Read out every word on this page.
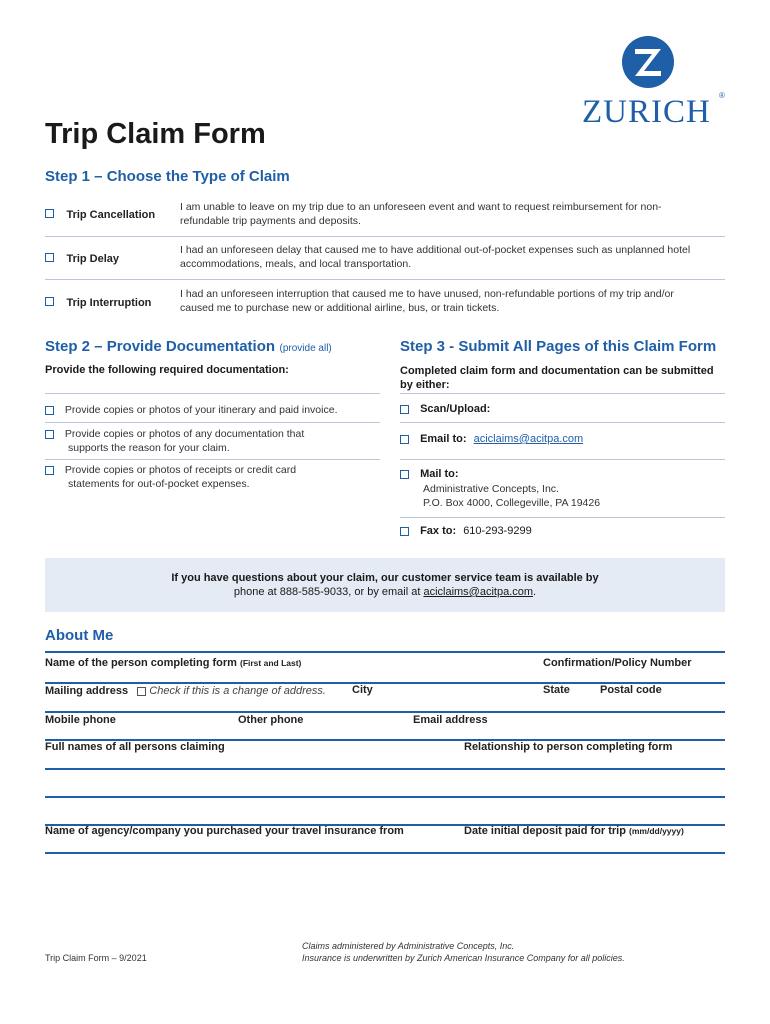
ZURICH ®
Trip Claim Form
Step 1 – Choose the Type of Claim
Trip Cancellation
I am unable to leave on my trip due to an unforeseen event and want to request reimbursement for non-
refundable trip payments and deposits.
Trip Delay
I had an unforeseen delay that caused me to have additional out-of-pocket expenses such as unplanned hotel
accommodations, meals, and local transportation.
Trip Interruption
I had an unforeseen interruption that caused me to have unused, non-refundable portions of my trip and/or
caused me to purchase new or additional airline, bus, or train tickets.
Step 2 – Provide Documentation (provide all)
Provide the following required documentation:
Provide copies or photos of your itinerary and paid invoice.
Provide copies or photos of any documentation that
supports the reason for your claim.
Provide copies or photos of receipts or credit card
statements for out-of-pocket expenses.
Step 3 - Submit All Pages of this Claim Form
Completed claim form and documentation can be submitted
by either:
Scan/Upload:
Email to: aciclaims@acitpa.com
Mail to:
Administrative Concepts, Inc.
P.O. Box 4000, Collegeville, PA 19426
Fax to: 610-293-9299
If you have questions about your claim, our customer service team is available by
phone at 888-585-9033, or by email at aciclaims@acitpa.com.
About Me
Name of the person completing form (First and Last)	Confirmation/Policy Number
Mailing address Check if this is a change of address. City	State	Postal code
Mobile phone	Other phone	Email address
Full names of all persons claiming	Relationship to person completing form
Name of agency/company you purchased your travel insurance from	Date initial deposit paid for trip (mm/dd/yyyy)
Trip Claim Form – 9/2021
Claims administered by Administrative Concepts, Inc.
Insurance is underwritten by Zurich American Insurance Company for all policies.
